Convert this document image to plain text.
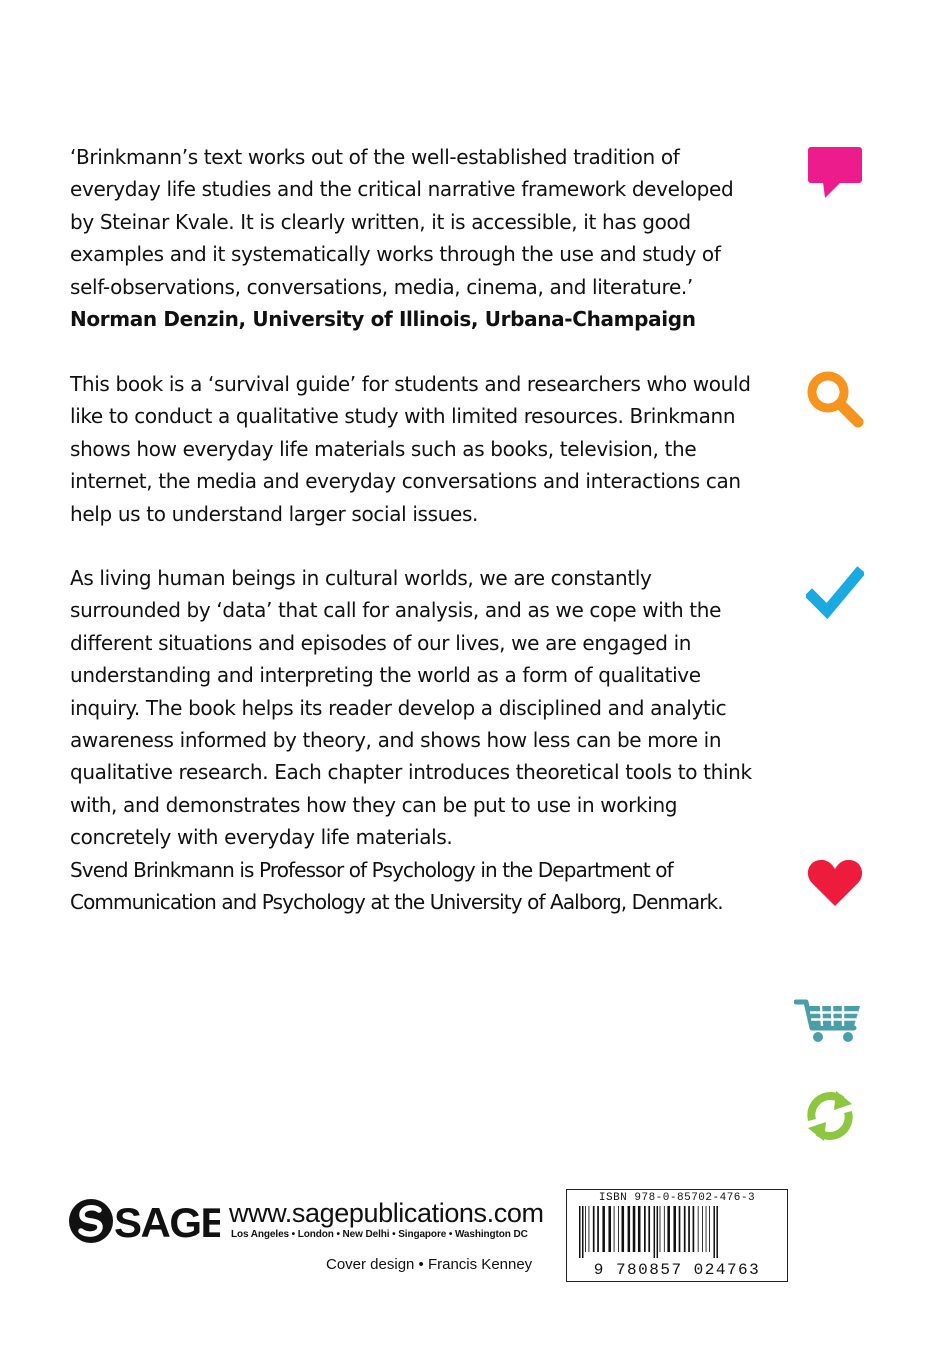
‘Brinkmann’s text works out of the well-established tradition of everyday life studies and the critical narrative framework developed by Steinar Kvale. It is clearly written, it is accessible, it has good examples and it systematically works through the use and study of self-observations, conversations, media, cinema, and literature.’
Norman Denzin, University of Illinois, Urbana-Champaign

This book is a ‘survival guide’ for students and researchers who would like to conduct a qualitative study with limited resources. Brinkmann shows how everyday life materials such as books, television, the internet, the media and everyday conversations and interactions can help us to understand larger social issues.

As living human beings in cultural worlds, we are constantly surrounded by ‘data’ that call for analysis, and as we cope with the different situations and episodes of our lives, we are engaged in understanding and interpreting the world as a form of qualitative inquiry. The book helps its reader develop a disciplined and analytic awareness informed by theory, and shows how less can be more in qualitative research. Each chapter introduces theoretical tools to think with, and demonstrates how they can be put to use in working concretely with everyday life materials.

Svend Brinkmann is Professor of Psychology in the Department of Communication and Psychology at the University of Aalborg, Denmark.

SAGE www.sagepublications.com
Los Angeles • London • New Delhi • Singapore • Washington DC
Cover design • Francis Kenney
ISBN 978-0-85702-476-3
9 780857 024763
